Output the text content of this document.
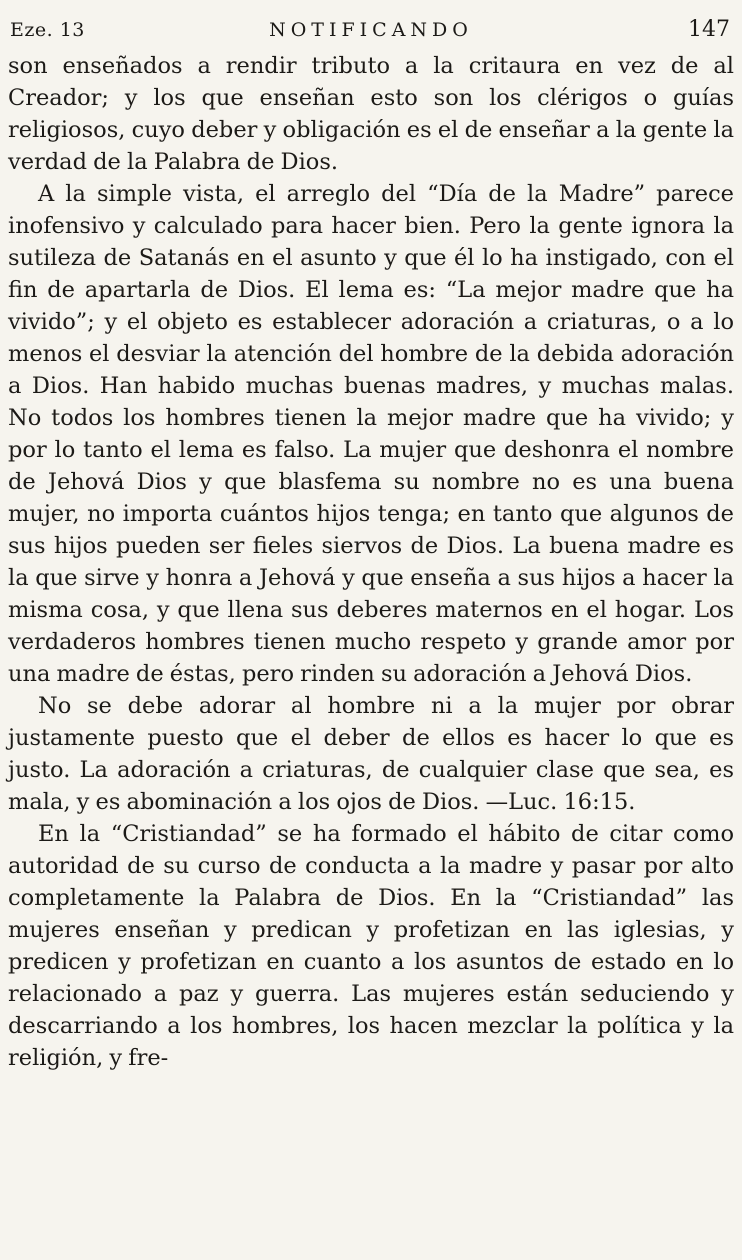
Eze. 13	NOTIFICANDO	147

son enseñados a rendir tributo a la critaura en vez de al Creador; y los que enseñan esto son los clérigos o guías religiosos, cuyo deber y obligación es el de enseñar a la gente la verdad de la Palabra de Dios.

A la simple vista, el arreglo del “Día de la Madre” parece inofensivo y calculado para hacer bien. Pero la gente ignora la sutileza de Satanás en el asunto y que él lo ha instigado, con el fin de apartarla de Dios. El lema es: “La mejor madre que ha vivido”; y el objeto es establecer adoración a criaturas, o a lo menos el desviar la atención del hombre de la debida adoración a Dios. Han habido muchas buenas madres, y muchas malas. No todos los hombres tienen la mejor madre que ha vivido; y por lo tanto el lema es falso. La mujer que deshonra el nombre de Jehová Dios y que blasfema su nombre no es una buena mujer, no importa cuántos hijos tenga; en tanto que algunos de sus hijos pueden ser fieles siervos de Dios. La buena madre es la que sirve y honra a Jehová y que enseña a sus hijos a hacer la misma cosa, y que llena sus deberes maternos en el hogar. Los verdaderos hombres tienen mucho respeto y grande amor por una madre de éstas, pero rinden su adoración a Jehová Dios.

No se debe adorar al hombre ni a la mujer por obrar justamente puesto que el deber de ellos es hacer lo que es justo. La adoración a criaturas, de cualquier clase que sea, es mala, y es abominación a los ojos de Dios. —Luc. 16:15.

En la “Cristiandad” se ha formado el hábito de citar como autoridad de su curso de conducta a la madre y pasar por alto completamente la Palabra de Dios. En la “Cristiandad” las mujeres enseñan y predican y profetizan en las iglesias, y predicen y profetizan en cuanto a los asuntos de estado en lo relacionado a paz y guerra. Las mujeres están seduciendo y descarriando a los hombres, los hacen mezclar la política y la religión, y fre-
